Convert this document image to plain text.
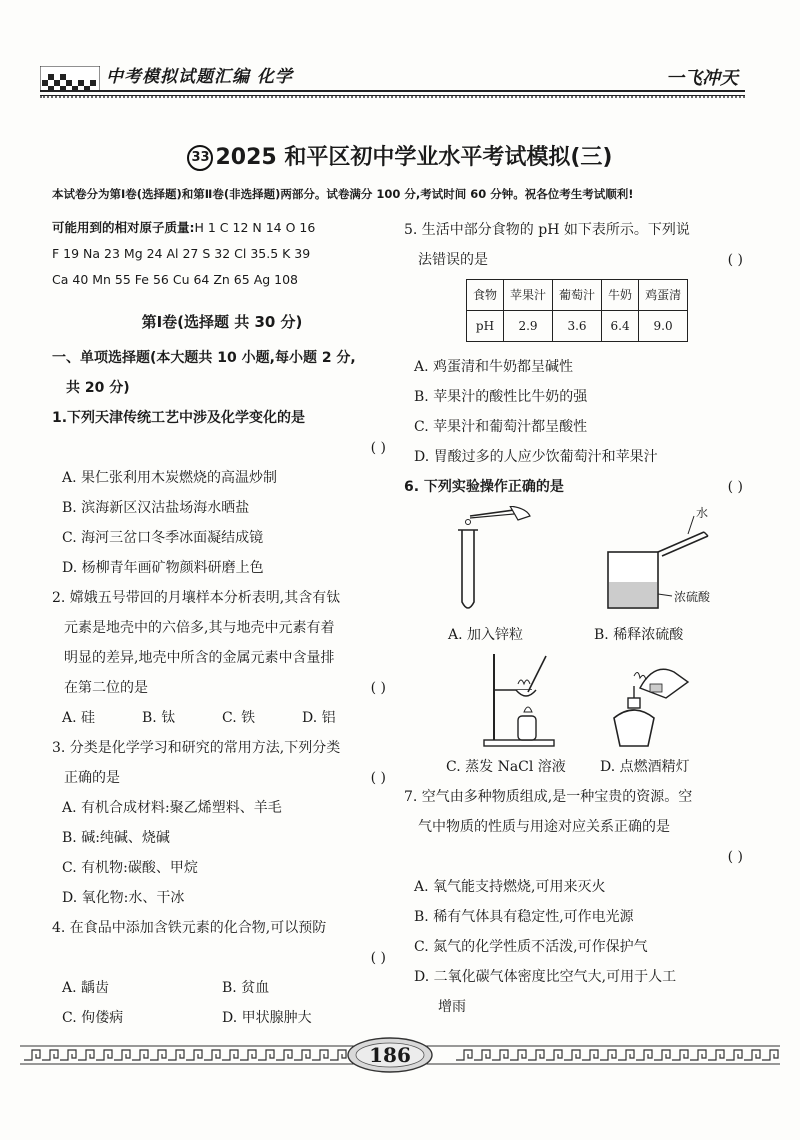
中考模拟试题汇编 化学	一飞冲天
33 2025 和平区初中学业水平考试模拟(三)
本试卷分为第Ⅰ卷(选择题)和第Ⅱ卷(非选择题)两部分。试卷满分 100 分,考试时间 60 分钟。祝各位考生考试顺利!
可能用到的相对原子质量:H 1 C 12 N 14 O 16
F 19 Na 23 Mg 24 Al 27 S 32 Cl 35.5 K 39
Ca 40 Mn 55 Fe 56 Cu 64 Zn 65 Ag 108
第Ⅰ卷(选择题 共 30 分)
一、单项选择题(本大题共 10 小题,每小题 2 分,
共 20 分)
1.下列天津传统工艺中涉及化学变化的是
( )
A. 果仁张利用木炭燃烧的高温炒制
B. 滨海新区汉沽盐场海水晒盐
C. 海河三岔口冬季冰面凝结成镜
D. 杨柳青年画矿物颜料研磨上色
2. 嫦娥五号带回的月壤样本分析表明,其含有钛
元素是地壳中的六倍多,其与地壳中元素有着
明显的差异,地壳中所含的金属元素中含量排
在第二位的是	( )
A. 硅	B. 钛	C. 铁	D. 铝
3. 分类是化学学习和研究的常用方法,下列分类
正确的是	( )
A. 有机合成材料:聚乙烯塑料、羊毛
B. 碱:纯碱、烧碱
C. 有机物:碳酸、甲烷
D. 氧化物:水、干冰
4. 在食品中添加含铁元素的化合物,可以预防
( )
A. 龋齿	B. 贫血
C. 佝偻病	D. 甲状腺肿大
5. 生活中部分食物的 pH 如下表所示。下列说
法错误的是	( )
食物	苹果汁	葡萄汁	牛奶	鸡蛋清
pH	2.9	3.6	6.4	9.0
A. 鸡蛋清和牛奶都呈碱性
B. 苹果汁的酸性比牛奶的强
C. 苹果汁和葡萄汁都呈酸性
D. 胃酸过多的人应少饮葡萄汁和苹果汁
6. 下列实验操作正确的是	( )
A. 加入锌粒
水
浓硫酸
B. 稀释浓硫酸
C. 蒸发 NaCl 溶液 D. 点燃酒精灯
7. 空气由多种物质组成,是一种宝贵的资源。空
气中物质的性质与用途对应关系正确的是
( )
A. 氧气能支持燃烧,可用来灭火
B. 稀有气体具有稳定性,可作电光源
C. 氮气的化学性质不活泼,可作保护气
D. 二氧化碳气体密度比空气大,可用于人工
增雨
186
